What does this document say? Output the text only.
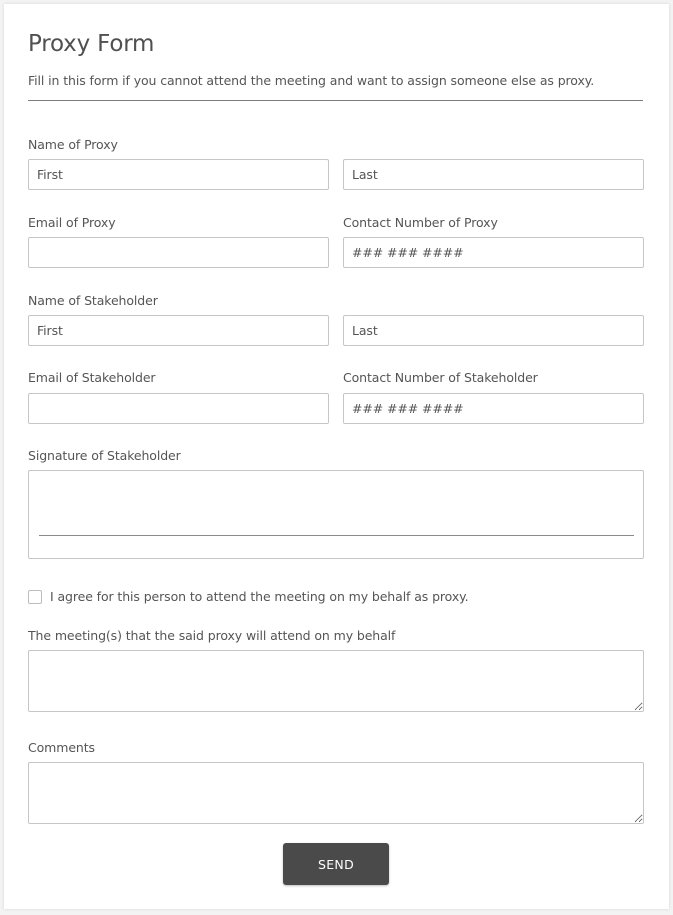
Proxy Form
Fill in this form if you cannot attend the meeting and want to assign someone else as proxy.
Name of Proxy
First
Last
Email of Proxy	Contact Number of Proxy
### ### ####
Name of Stakeholder
First
Last
Email of Stakeholder	Contact Number of Stakeholder
### ### ####
Signature of Stakeholder
I agree for this person to attend the meeting on my behalf as proxy.
The meeting(s) that the said proxy will attend on my behalf
Comments
SEND
